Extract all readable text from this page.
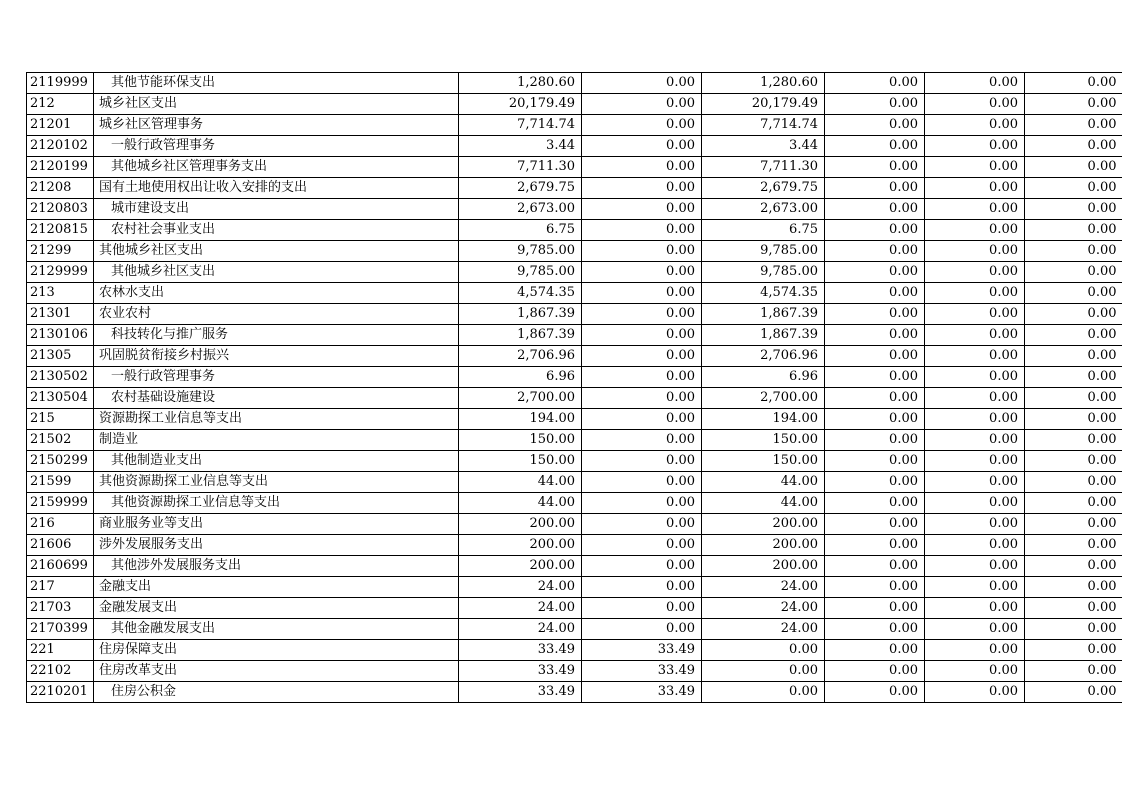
2119999	其他节能环保支出	1,280.60	0.00	1,280.60	0.00	0.00	0.00
212	城乡社区支出	20,179.49	0.00	20,179.49	0.00	0.00	0.00
21201	城乡社区管理事务	7,714.74	0.00	7,714.74	0.00	0.00	0.00
2120102	一般行政管理事务	3.44	0.00	3.44	0.00	0.00	0.00
2120199	其他城乡社区管理事务支出	7,711.30	0.00	7,711.30	0.00	0.00	0.00
21208	国有土地使用权出让收入安排的支出	2,679.75	0.00	2,679.75	0.00	0.00	0.00
2120803	城市建设支出	2,673.00	0.00	2,673.00	0.00	0.00	0.00
2120815	农村社会事业支出	6.75	0.00	6.75	0.00	0.00	0.00
21299	其他城乡社区支出	9,785.00	0.00	9,785.00	0.00	0.00	0.00
2129999	其他城乡社区支出	9,785.00	0.00	9,785.00	0.00	0.00	0.00
213	农林水支出	4,574.35	0.00	4,574.35	0.00	0.00	0.00
21301	农业农村	1,867.39	0.00	1,867.39	0.00	0.00	0.00
2130106	科技转化与推广服务	1,867.39	0.00	1,867.39	0.00	0.00	0.00
21305	巩固脱贫衔接乡村振兴	2,706.96	0.00	2,706.96	0.00	0.00	0.00
2130502	一般行政管理事务	6.96	0.00	6.96	0.00	0.00	0.00
2130504	农村基础设施建设	2,700.00	0.00	2,700.00	0.00	0.00	0.00
215	资源勘探工业信息等支出	194.00	0.00	194.00	0.00	0.00	0.00
21502	制造业	150.00	0.00	150.00	0.00	0.00	0.00
2150299	其他制造业支出	150.00	0.00	150.00	0.00	0.00	0.00
21599	其他资源勘探工业信息等支出	44.00	0.00	44.00	0.00	0.00	0.00
2159999	其他资源勘探工业信息等支出	44.00	0.00	44.00	0.00	0.00	0.00
216	商业服务业等支出	200.00	0.00	200.00	0.00	0.00	0.00
21606	涉外发展服务支出	200.00	0.00	200.00	0.00	0.00	0.00
2160699	其他涉外发展服务支出	200.00	0.00	200.00	0.00	0.00	0.00
217	金融支出	24.00	0.00	24.00	0.00	0.00	0.00
21703	金融发展支出	24.00	0.00	24.00	0.00	0.00	0.00
2170399	其他金融发展支出	24.00	0.00	24.00	0.00	0.00	0.00
221	住房保障支出	33.49	33.49	0.00	0.00	0.00	0.00
22102	住房改革支出	33.49	33.49	0.00	0.00	0.00	0.00
2210201	住房公积金	33.49	33.49	0.00	0.00	0.00	0.00
